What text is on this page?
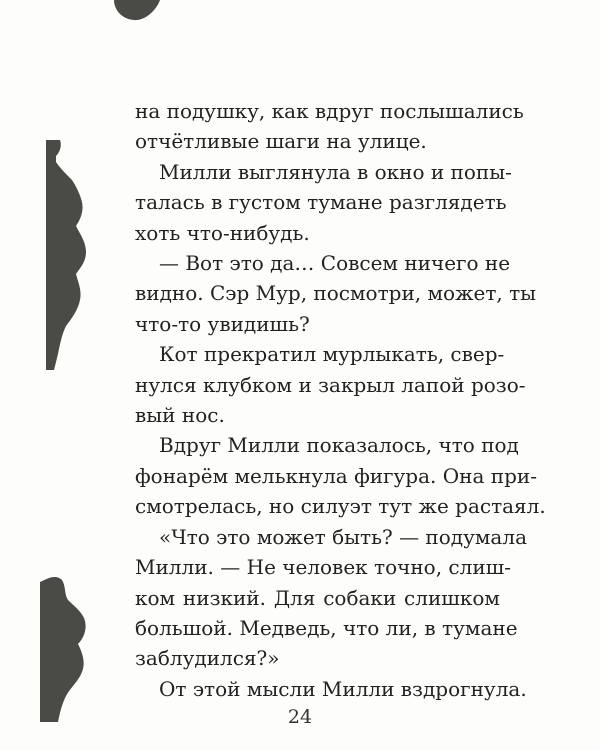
на подушку, как вдруг послышались
отчётливые шаги на улице.

Милли выглянула в окно и попы-
талась в густом тумане разглядеть
хоть что-нибудь.

— Вот это да… Совсем ничего не
видно. Сэр Мур, посмотри, может, ты
что-то увидишь?

Кот прекратил мурлыкать, свер-
нулся клубком и закрыл лапой розо-
вый нос.

Вдруг Милли показалось, что под
фонарём мелькнула фигура. Она при-
смотрелась, но силуэт тут же растаял.

«Что это может быть? — подумала
Милли. — Не человек точно, слиш-
ком низкий. Для собаки слишком
большой. Медведь, что ли, в тумане
заблудился?»

От этой мысли Милли вздрогнула.

24
